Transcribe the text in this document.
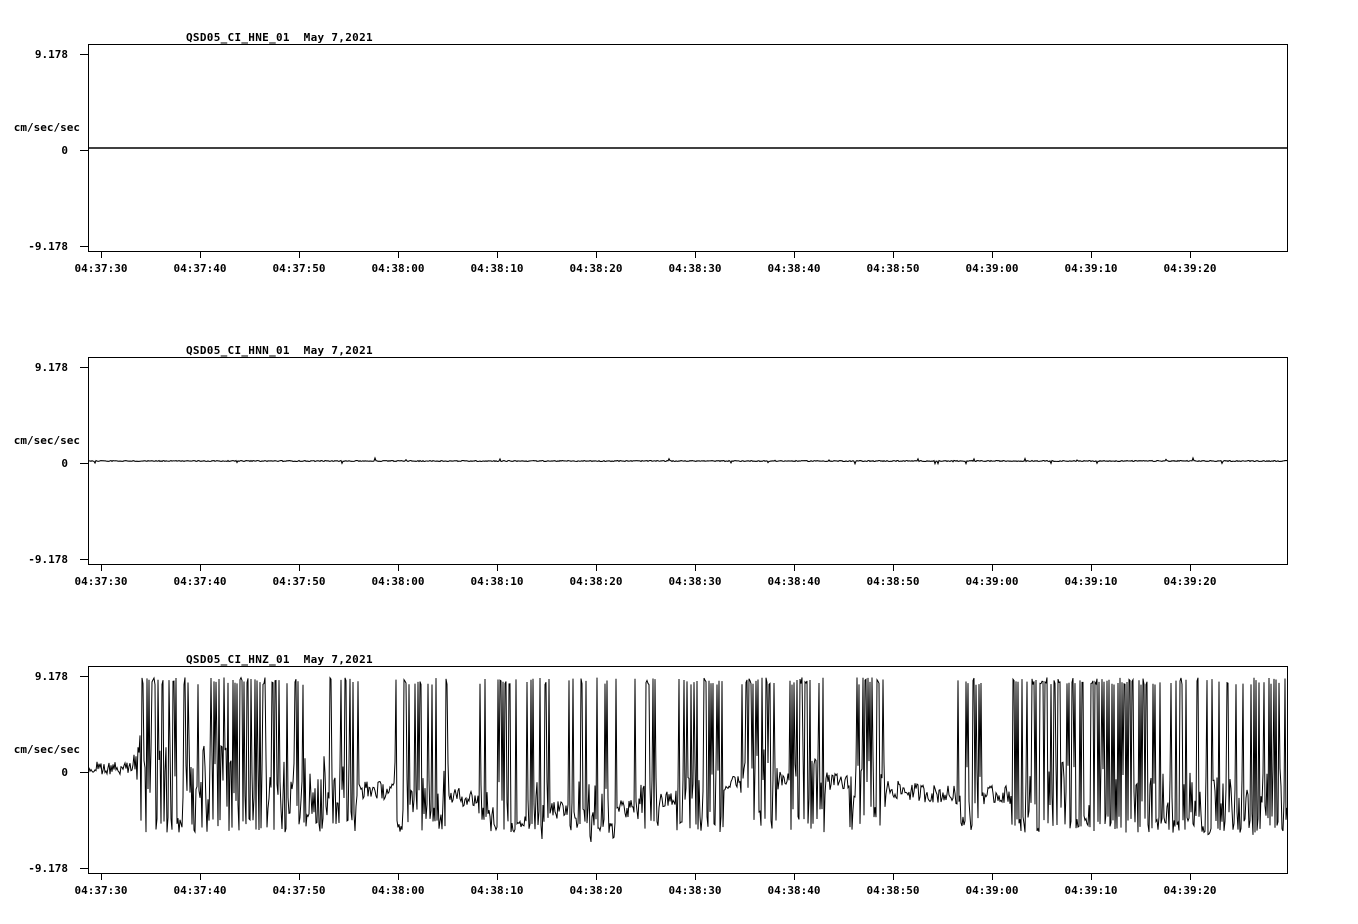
QSD05_CI_HNE_01  May 7,2021
cm/sec/sec
9.178
0
-9.178
04:37:30	04:37:40	04:37:50	04:38:00	04:38:10	04:38:20	04:38:30	04:38:40	04:38:50	04:39:00	04:39:10	04:39:20
QSD05_CI_HNN_01  May 7,2021
cm/sec/sec
9.178
0
-9.178
04:37:30	04:37:40	04:37:50	04:38:00	04:38:10	04:38:20	04:38:30	04:38:40	04:38:50	04:39:00	04:39:10	04:39:20
QSD05_CI_HNZ_01  May 7,2021
cm/sec/sec
9.178
0
-9.178
04:37:30	04:37:40	04:37:50	04:38:00	04:38:10	04:38:20	04:38:30	04:38:40	04:38:50	04:39:00	04:39:10	04:39:20
